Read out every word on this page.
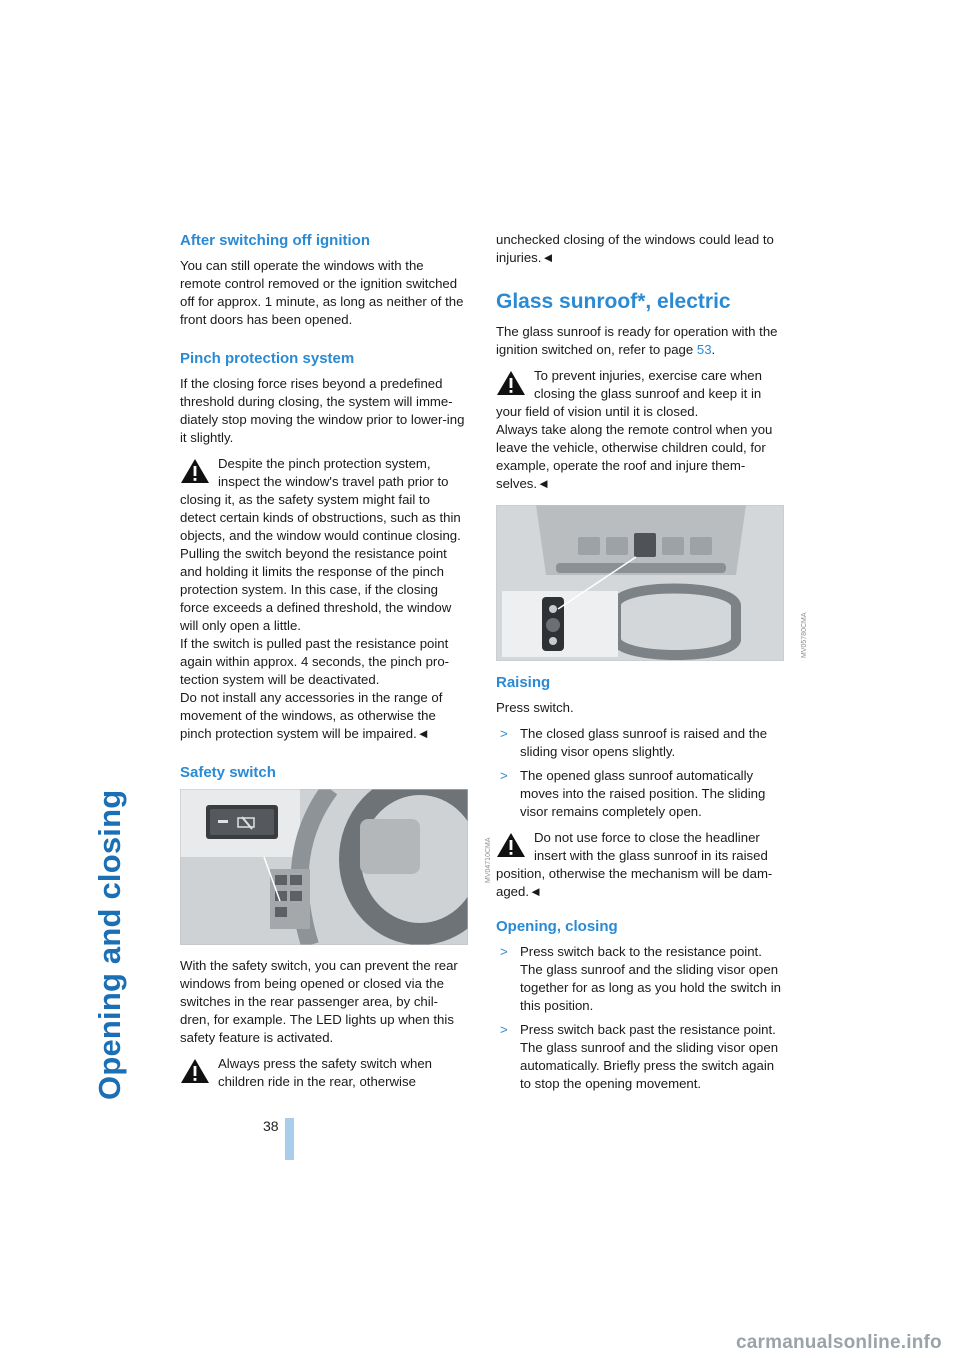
Opening and closing
After switching off ignition

You can still operate the windows with the remote control removed or the ignition switched off for approx. 1 minute, as long as neither of the front doors has been opened.

Pinch protection system

If the closing force rises beyond a predefined threshold during closing, the system will imme-diately stop moving the window prior to lower-ing it slightly.

Despite the pinch protection system, inspect the window's travel path prior to
closing it, as the safety system might fail to detect certain kinds of obstructions, such as thin objects, and the window would continue closing.

Pulling the switch beyond the resistance point and holding it limits the response of the pinch protection system. In this case, if the closing force exceeds a defined threshold, the window will only open a little.

If the switch is pulled past the resistance point again within approx. 4 seconds, the pinch pro-tection system will be deactivated.

Do not install any accessories in the range of movement of the windows, as otherwise the pinch protection system will be impaired.◄

Safety switch
MV04710CMA

With the safety switch, you can prevent the rear windows from being opened or closed via the switches in the rear passenger area, by chil-dren, for example. The LED lights up when this safety feature is activated.

Always press the safety switch when children ride in the rear, otherwise

unchecked closing of the windows could lead to injuries.◄

Glass sunroof*, electric

The glass sunroof is ready for operation with the ignition switched on, refer to page 53.

To prevent injuries, exercise care when closing the glass sunroof and keep it in
your field of vision until it is closed.

Always take along the remote control when you leave the vehicle, otherwise children could, for example, operate the roof and injure them-selves.◄

MV05780CMA
Raising

Press switch.

> The closed glass sunroof is raised and the sliding visor opens slightly.
> The opened glass sunroof automatically moves into the raised position. The sliding visor remains completely open.
Do not use force to close the headliner insert with the glass sunroof in its raised
position, otherwise the mechanism will be dam-aged.◄
Opening, closing
> Press switch back to the resistance point. The glass sunroof and the sliding visor open together for as long as you hold the switch in this position.
> Press switch back past the resistance point. The glass sunroof and the sliding visor open automatically. Briefly press the switch again to stop the opening movement.
38
carmanualsonline.info
